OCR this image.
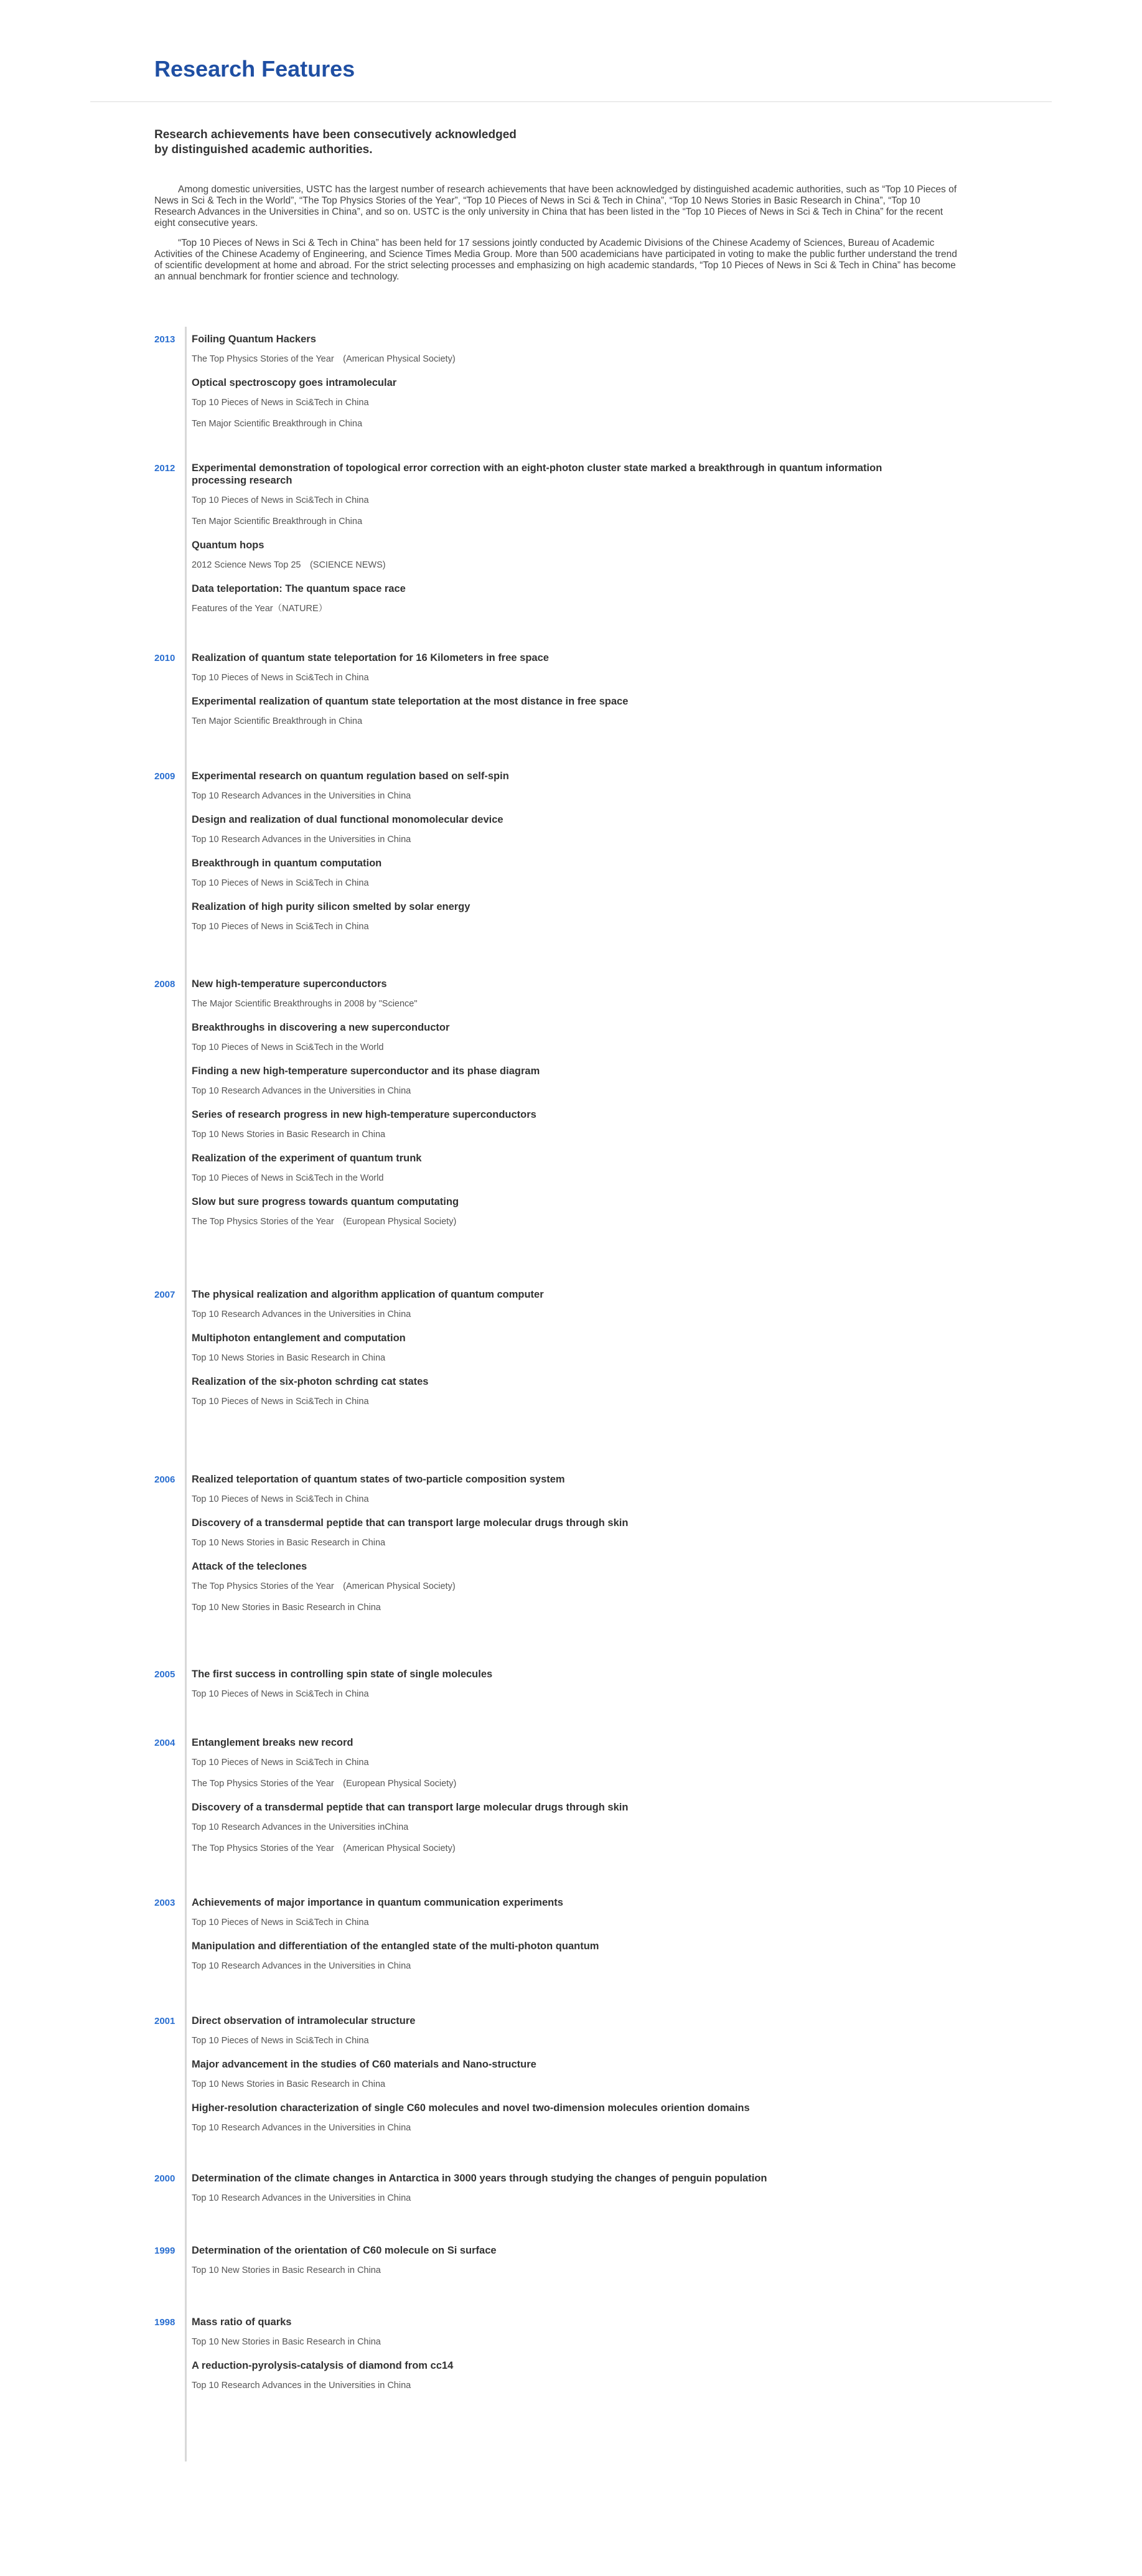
Research Features
Research achievements have been consecutively acknowledged by distinguished academic authorities.

Among domestic universities, USTC has the largest number of research achievements that have been acknowledged by distinguished academic authorities, such as “Top 10 Pieces of News in Sci & Tech in the World”, “The Top Physics Stories of the Year”, “Top 10 Pieces of News in Sci & Tech in China”, “Top 10 News Stories in Basic Research in China”, “Top 10 Research Advances in the Universities in China”, and so on. USTC is the only university in China that has been listed in the “Top 10 Pieces of News in Sci & Tech in China” for the recent eight consecutive years.

“Top 10 Pieces of News in Sci & Tech in China” has been held for 17 sessions jointly conducted by Academic Divisions of the Chinese Academy of Sciences, Bureau of Academic Activities of the Chinese Academy of Engineering, and Science Times Media Group. More than 500 academicians have participated in voting to make the public further understand the trend of scientific development at home and abroad. For the strict selecting processes and emphasizing on high academic standards, “Top 10 Pieces of News in Sci & Tech in China” has become an annual benchmark for frontier science and technology.

2013 Foiling Quantum Hackers
The Top Physics Stories of the Year　(American Physical Society)
Optical spectroscopy goes intramolecular
Top 10 Pieces of News in Sci&Tech in China
Ten Major Scientific Breakthrough in China
2012 Experimental demonstration of topological error correction with an eight-photon cluster state marked a breakthrough in quantum information processing research
Top 10 Pieces of News in Sci&Tech in China
Ten Major Scientific Breakthrough in China
Quantum hops
2012 Science News Top 25　(SCIENCE NEWS)
Data teleportation: The quantum space race
Features of the Year（NATURE）
2010 Realization of quantum state teleportation for 16 Kilometers in free space
Top 10 Pieces of News in Sci&Tech in China
Experimental realization of quantum state teleportation at the most distance in free space
Ten Major Scientific Breakthrough in China
2009 Experimental research on quantum regulation based on self-spin
Top 10 Research Advances in the Universities in China
Design and realization of dual functional monomolecular device
Top 10 Research Advances in the Universities in China
Breakthrough in quantum computation
Top 10 Pieces of News in Sci&Tech in China
Realization of high purity silicon smelted by solar energy
Top 10 Pieces of News in Sci&Tech in China
2008 New high-temperature superconductors
The Major Scientific Breakthroughs in 2008 by "Science"
Breakthroughs in discovering a new superconductor
Top 10 Pieces of News in Sci&Tech in the World
Finding a new high-temperature superconductor and its phase diagram
Top 10 Research Advances in the Universities in China
Series of research progress in new high-temperature superconductors
Top 10 News Stories in Basic Research in China
Realization of the experiment of quantum trunk
Top 10 Pieces of News in Sci&Tech in the World
Slow but sure progress towards quantum computating
The Top Physics Stories of the Year　(European Physical Society)
2007 The physical realization and algorithm application of quantum computer
Top 10 Research Advances in the Universities in China
Multiphoton entanglement and computation
Top 10 News Stories in Basic Research in China
Realization of the six-photon schrding cat states
Top 10 Pieces of News in Sci&Tech in China
2006 Realized teleportation of quantum states of two-particle composition system
Top 10 Pieces of News in Sci&Tech in China
Discovery of a transdermal peptide that can transport large molecular drugs through skin
Top 10 News Stories in Basic Research in China
Attack of the teleclones
The Top Physics Stories of the Year　(American Physical Society)
Top 10 New Stories in Basic Research in China
2005 The first success in controlling spin state of single molecules
Top 10 Pieces of News in Sci&Tech in China
2004 Entanglement breaks new record
Top 10 Pieces of News in Sci&Tech in China
The Top Physics Stories of the Year　(European Physical Society)
Discovery of a transdermal peptide that can transport large molecular drugs through skin
Top 10 Research Advances in the Universities inChina
The Top Physics Stories of the Year　(American Physical Society)
2003 Achievements of major importance in quantum communication experiments
Top 10 Pieces of News in Sci&Tech in China
Manipulation and differentiation of the entangled state of the multi-photon quantum
Top 10 Research Advances in the Universities in China
2001 Direct observation of intramolecular structure
Top 10 Pieces of News in Sci&Tech in China
Major advancement in the studies of C60 materials and Nano-structure
Top 10 News Stories in Basic Research in China
Higher-resolution characterization of single C60 molecules and novel two-dimension molecules oriention domains
Top 10 Research Advances in the Universities in China
2000 Determination of the climate changes in Antarctica in 3000 years through studying the changes of penguin population
Top 10 Research Advances in the Universities in China
1999 Determination of the orientation of C60 molecule on Si surface
Top 10 New Stories in Basic Research in China
1998 Mass ratio of quarks
Top 10 New Stories in Basic Research in China
A reduction-pyrolysis-catalysis of diamond from cc14
Top 10 Research Advances in the Universities in China
